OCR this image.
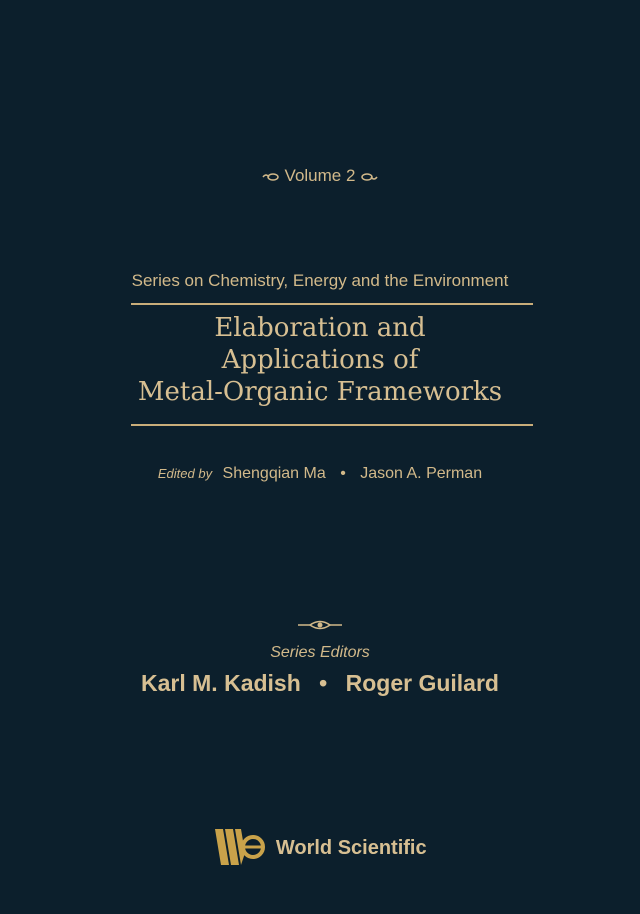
Volume 2
Series on Chemistry, Energy and the Environment
Elaboration and
Applications of
Metal-Organic Frameworks
Edited by Shengqian Ma • Jason A. Perman
Series Editors
Karl M. Kadish • Roger Guilard
World Scientific
